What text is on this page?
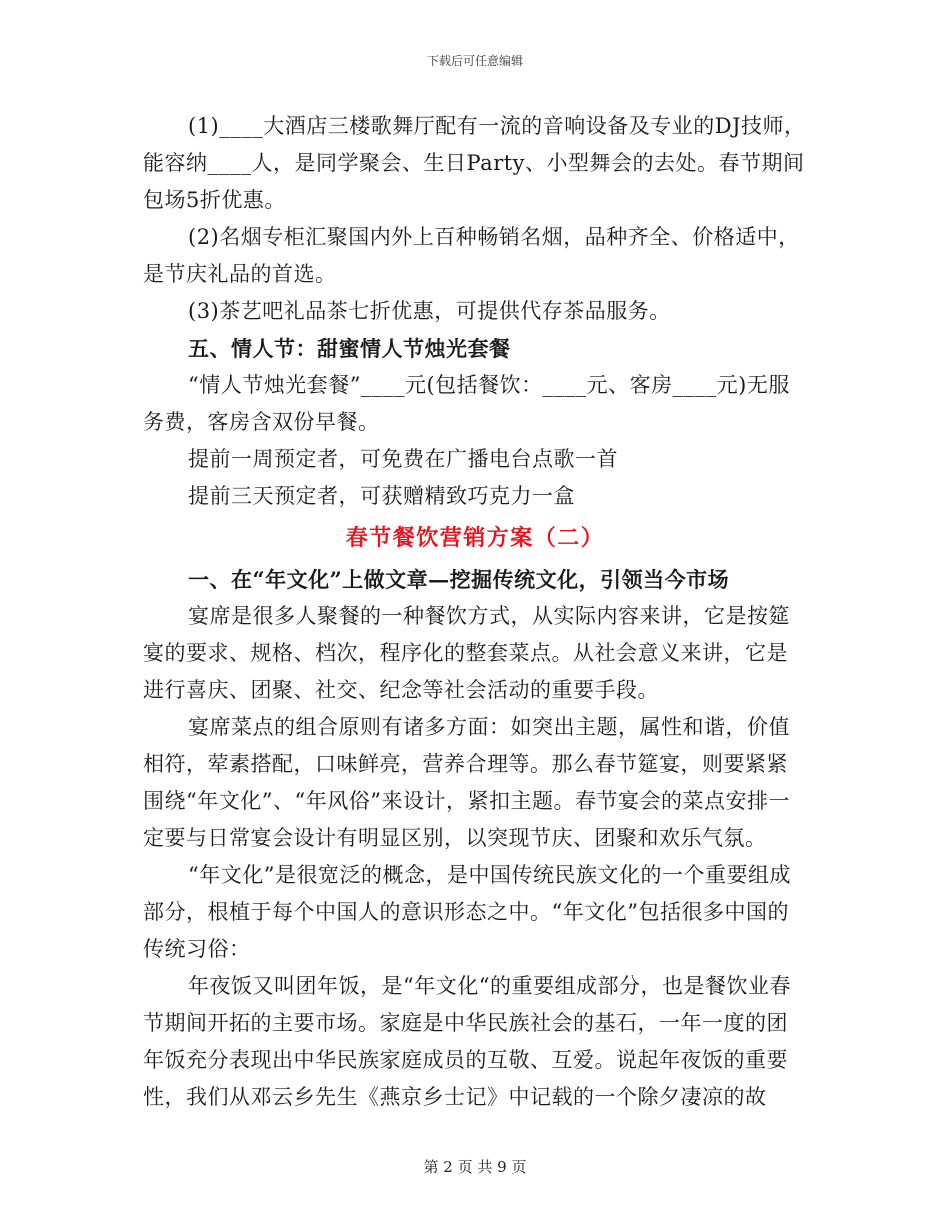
下载后可任意编辑

(1)____大酒店三楼歌舞厅配有一流的音响设备及专业的DJ技师，能容纳____人，是同学聚会、生日Party、小型舞会的去处。春节期间包场5折优惠。

(2)名烟专柜汇聚国内外上百种畅销名烟，品种齐全、价格适中，是节庆礼品的首选。

(3)茶艺吧礼品茶七折优惠，可提供代存茶品服务。

五、情人节：甜蜜情人节烛光套餐

“情人节烛光套餐”____元(包括餐饮：____元、客房____元)无服务费，客房含双份早餐。

提前一周预定者，可免费在广播电台点歌一首

提前三天预定者，可获赠精致巧克力一盒

春节餐饮营销方案（二）

一、在“年文化”上做文章—挖掘传统文化，引领当今市场

宴席是很多人聚餐的一种餐饮方式，从实际内容来讲，它是按筵宴的要求、规格、档次，程序化的整套菜点。从社会意义来讲，它是进行喜庆、团聚、社交、纪念等社会活动的重要手段。

宴席菜点的组合原则有诸多方面：如突出主题，属性和谐，价值相符，荤素搭配，口味鲜亮，营养合理等。那么春节筵宴，则要紧紧围绕“年文化”、“年风俗”来设计，紧扣主题。春节宴会的菜点安排一定要与日常宴会设计有明显区别，以突现节庆、团聚和欢乐气氛。

“年文化”是很宽泛的概念，是中国传统民族文化的一个重要组成部分，根植于每个中国人的意识形态之中。“年文化”包括很多中国的传统习俗：

年夜饭又叫团年饭，是“年文化“的重要组成部分，也是餐饮业春节期间开拓的主要市场。家庭是中华民族社会的基石，一年一度的团年饭充分表现出中华民族家庭成员的互敬、互爱。说起年夜饭的重要性，我们从邓云乡先生《燕京乡士记》中记载的一个除夕凄凉的故

第 2 页 共 9 页
